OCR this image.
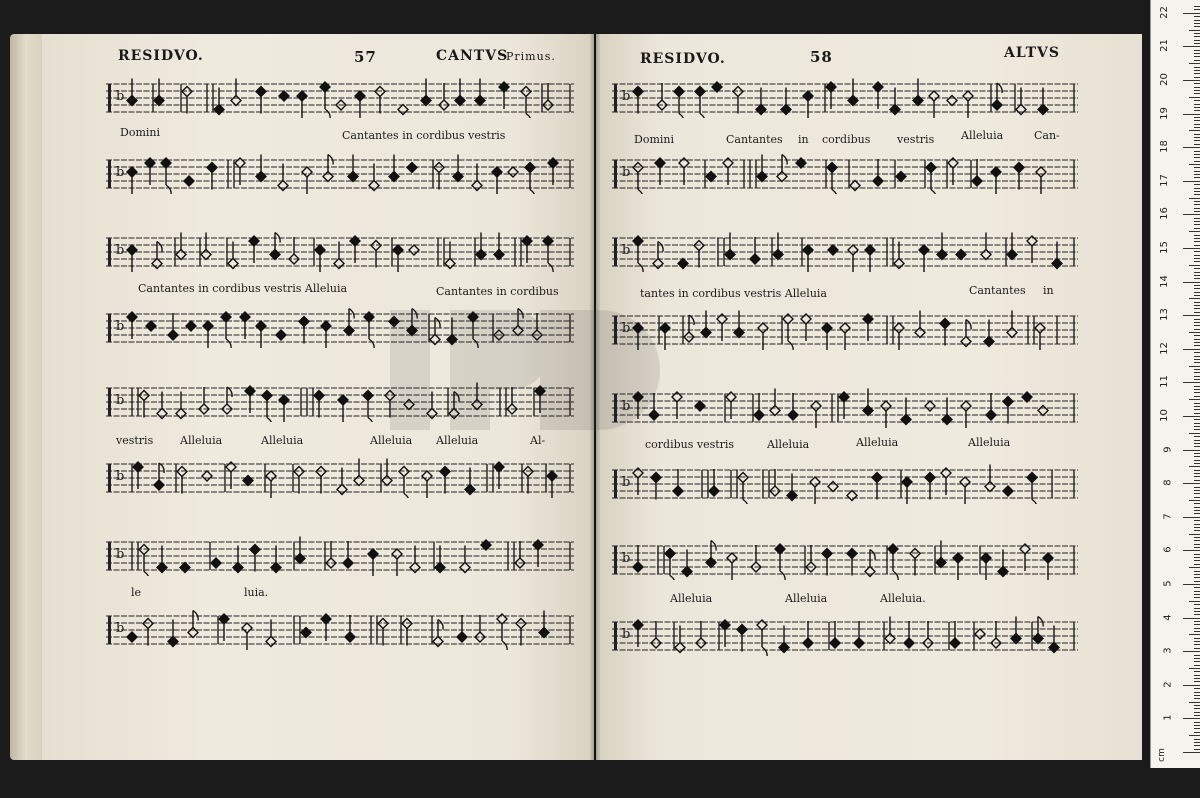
RESIDVO.	57	CANTVS
Primus.	RESIDVO.	58	ALTVS
b
b
b
b
b
b
b
b
b
b
b
b
b
b
b
b
Domini	Cantantes in cordibus vestris
Cantantes in cordibus vestris Alleluia	Cantantes in cordibus
vestris Alleluia	Alleluia	Alleluia Alleluia	Al-
le	luia.
Domini	Cantantes in cordibus vestris Alleluia	Can-
tantes in cordibus vestris Alleluia	Cantantes in
cordibus vestris	Alleluia	Alleluia	Alleluia
Alleluia	Alleluia	Alleluia.
1
2
3
4
5
6
7
8
9
10
11
12
13
14
15
16
17
18
19
20
21
22
cm
